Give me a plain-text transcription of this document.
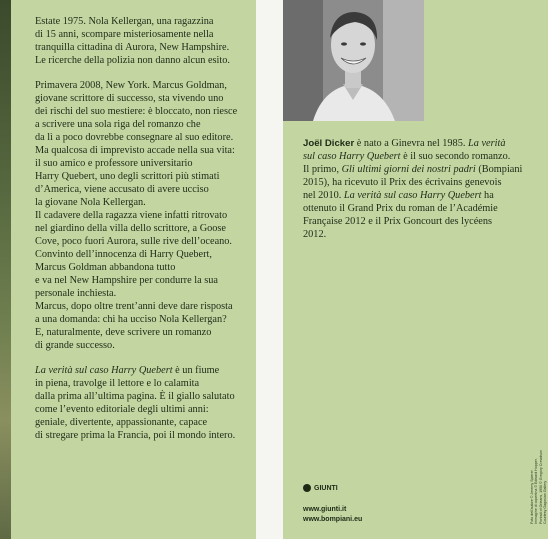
Estate 1975. Nola Kellergan, una ragazzina
di 15 anni, scompare misteriosamente nella
tranquilla cittadina di Aurora, New Hampshire.
Le ricerche della polizia non danno alcun esito.

Primavera 2008, New York. Marcus Goldman,
giovane scrittore di successo, sta vivendo uno
dei rischi del suo mestiere: è bloccato, non riesce
a scrivere una sola riga del romanzo che
da lì a poco dovrebbe consegnare al suo editore.
Ma qualcosa di imprevisto accade nella sua vita:
il suo amico e professore universitario
Harry Quebert, uno degli scrittori più stimati
d’America, viene accusato di avere ucciso
la giovane Nola Kellergan.
Il cadavere della ragazza viene infatti ritrovato
nel giardino della villa dello scrittore, a Goose
Cove, poco fuori Aurora, sulle rive dell’oceano.
Convinto dell’innocenza di Harry Quebert,
Marcus Goldman abbandona tutto
e va nel New Hampshire per condurre la sua
personale inchiesta.
Marcus, dopo oltre trent’anni deve dare risposta
a una domanda: chi ha ucciso Nola Kellergan?
E, naturalmente, deve scrivere un romanzo
di grande successo.

La verità sul caso Harry Quebert è un fiume
in piena, travolge il lettore e lo calamita
dalla prima all’ultima pagina. È il giallo salutato
come l’evento editoriale degli ultimi anni:
geniale, divertente, appassionante, capace
di stregare prima la Francia, poi il mondo intero.

Joël Dicker è nato a Ginevra nel 1985. La verità
sul caso Harry Quebert è il suo secondo romanzo.
Il primo, Gli ultimi giorni dei nostri padri (Bompiani
2015), ha ricevuto il Prix des écrivains genevois
nel 2010. La verità sul caso Harry Quebert ha
ottenuto il Grand Prix du roman de l’Académie
Française 2012 e il Prix Goncourt des lycéens
2012.
GIUNTI
www.giunti.it
www.bompiani.eu	Foto dell’autore © Jeremy Spierer Immagine di copertina © Edward Hopper, Portrait of Orleans, 1950 © Gregory Crewdson Courtesy Gagosian Gallery
